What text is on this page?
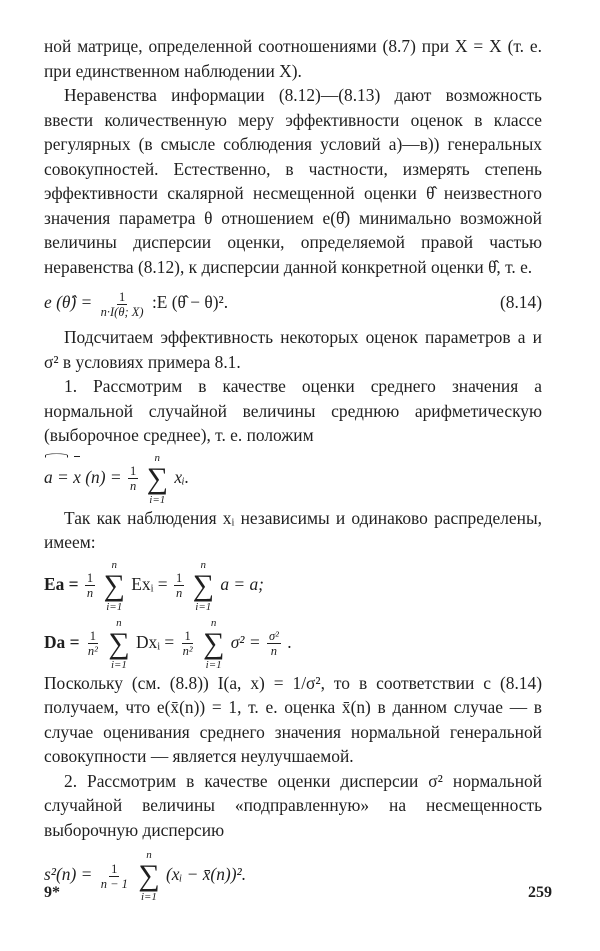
ной матрице, определенной соотношениями (8.7) при X = X (т. е. при единственном наблюдении X).

Неравенства информации (8.12)—(8.13) дают возможность ввести количественную меру эффективности оценок в классе регулярных (в смысле соблюдения условий а)—в)) генеральных совокупностей. Естественно, в частности, измерять степень эффективности скалярной несмещенной оценки θ̂ неизвестного значения параметра θ отношением e(θ̂) минимально возможной величины дисперсии оценки, определяемой правой частью неравенства (8.12), к дисперсии данной конкретной оценки θ̂, т. е.

e (θ̂) = $\frac{1}{n\cdot I(\theta; X)}$ :E (θ̂ − θ)².	(8.14)

Подсчитаем эффективность некоторых оценок параметров a и σ² в условиях примера 8.1.

1. Рассмотрим в качестве оценки среднего значения a нормальной случайной величины среднюю арифметическую (выборочное среднее), т. е. положим

a = x $(n) = \frac{1}{n}$

n
∑
i=1
xᵢ.

Так как наблюдения xᵢ независимы и одинаково распределены, имеем:

$Ea = \frac{1}{n}$

n
∑
i=1
Exᵢ = $\frac{1}{n}$

n
∑
i=1
a = a;
$Da = \frac{1}{\text{n²}}$

n
∑
i=1
Dxᵢ = $\frac{1}{\text{n²}}$

n
∑
i=1
$\sigma^2 = \frac{\text{σ²}}{n}$ .

Поскольку (см. (8.8)) I(a, x) = 1/σ², то в соответствии с (8.14) получаем, что e(x̄(n)) = 1, т. е. оценка x̄(n) в данном случае — в случае оценивания среднего значения нормальной генеральной совокупности — является неулучшаемой.

2. Рассмотрим в качестве оценки дисперсии σ² нормальной случайной величины «подправленную» на несмещенность выборочную дисперсию

$s^2(n) = \frac{1}{n - 1}$

n
∑
i=1
(xᵢ − x̄(n))².
9*	259
